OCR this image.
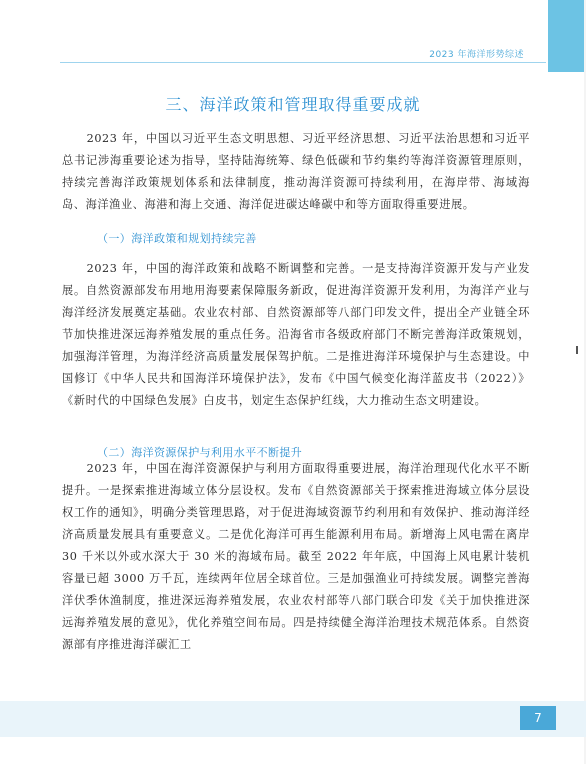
2023 年海洋形势综述
三、海洋政策和管理取得重要成就

2023 年，中国以习近平生态文明思想、习近平经济思想、习近平法治思想和习近平总书记涉海重要论述为指导，坚持陆海统筹、绿色低碳和节约集约等海洋资源管理原则，持续完善海洋政策规划体系和法律制度，推动海洋资源可持续利用，在海岸带、海域海岛、海洋渔业、海港和海上交通、海洋促进碳达峰碳中和等方面取得重要进展。

（一）海洋政策和规划持续完善

2023 年，中国的海洋政策和战略不断调整和完善。一是支持海洋资源开发与产业发展。自然资源部发布用地用海要素保障服务新政，促进海洋资源开发利用，为海洋产业与海洋经济发展奠定基础。农业农村部、自然资源部等八部门印发文件，提出全产业链全环节加快推进深远海养殖发展的重点任务。沿海省市各级政府部门不断完善海洋政策规划，加强海洋管理，为海洋经济高质量发展保驾护航。二是推进海洋环境保护与生态建设。中国修订《中华人民共和国海洋环境保护法》，发布《中国气候变化海洋蓝皮书（2022）》《新时代的中国绿色发展》白皮书，划定生态保护红线，大力推动生态文明建设。

（二）海洋资源保护与利用水平不断提升

2023 年，中国在海洋资源保护与利用方面取得重要进展，海洋治理现代化水平不断提升。一是探索推进海域立体分层设权。发布《自然资源部关于探索推进海域立体分层设权工作的通知》，明确分类管理思路，对于促进海域资源节约利用和有效保护、推动海洋经济高质量发展具有重要意义。二是优化海洋可再生能源利用布局。新增海上风电需在离岸 30 千米以外或水深大于 30 米的海域布局。截至 2022 年年底，中国海上风电累计装机容量已超 3000 万千瓦，连续两年位居全球首位。三是加强渔业可持续发展。调整完善海洋伏季休渔制度，推进深远海养殖发展，农业农村部等八部门联合印发《关于加快推进深远海养殖发展的意见》，优化养殖空间布局。四是持续健全海洋治理技术规范体系。自然资源部有序推进海洋碳汇工

7
